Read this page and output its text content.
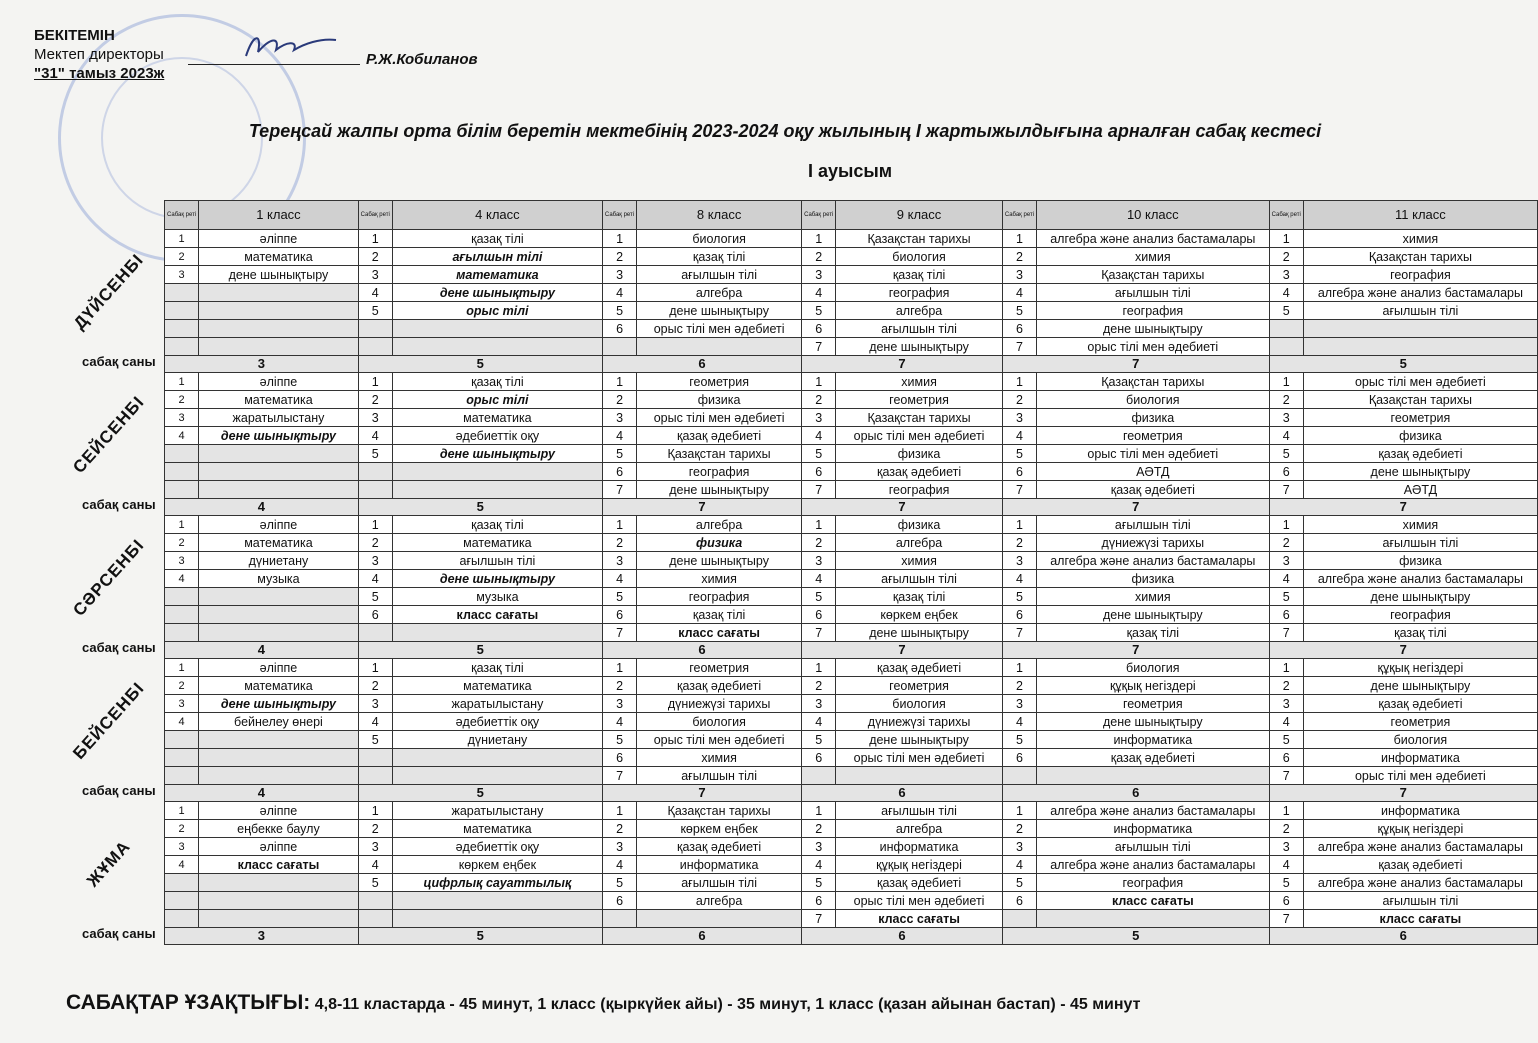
БЕКІТЕМІН
Мектеп директоры
"31" тамыз 2023ж
Р.Ж.Кобиланов
Тереңсай жалпы орта білім беретін мектебінің 2023-2024 оқу жылының І жартыжылдығына арналған сабақ кестесі
І ауысым
Сабақ реті	1 класс	Сабақ реті	4 класс	Сабақ реті	8 класс	Сабақ реті	9 класс	Сабақ реті	10 класс	Сабақ реті	11 класс
1	әліппе	1	қазақ тілі	1	биология	1	Қазақстан тарихы	1	алгебра және анализ бастамалары	1	химия
2	математика	2	ағылшын тілі	2	қазақ тілі	2	биология	2	химия	2	Қазақстан тарихы
3	дене шынықтыру	3	математика	3	ағылшын тілі	3	қазақ тілі	3	Қазақстан тарихы	3	география
		4	дене шынықтыру	4	алгебра	4	география	4	ағылшын тілі	4	алгебра және анализ бастамалары
		5	орыс тілі	5	дене шынықтыру	5	алгебра	5	география	5	ағылшын тілі
				6	орыс тілі мен әдебиеті	6	ағылшын тілі	6	дене шынықтыру		
						7	дене шынықтыру	7	орыс тілі мен әдебиеті		
3		5		6		7		7		5	
1	әліппе	1	қазақ тілі	1	геометрия	1	химия	1	Қазақстан тарихы	1	орыс тілі мен әдебиеті
2	математика	2	орыс тілі	2	физика	2	геометрия	2	биология	2	Қазақстан тарихы
3	жаратылыстану	3	математика	3	орыс тілі мен әдебиеті	3	Қазақстан тарихы	3	физика	3	геометрия
4	дене шынықтыру	4	әдебиеттік оқу	4	қазақ әдебиеті	4	орыс тілі мен әдебиеті	4	геометрия	4	физика
		5	дене шынықтыру	5	Қазақстан тарихы	5	физика	5	орыс тілі мен әдебиеті	5	қазақ әдебиеті
				6	география	6	қазақ әдебиеті	6	АӘТД	6	дене шынықтыру
				7	дене шынықтыру	7	география	7	қазақ әдебиеті	7	АӘТД
4		5		7		7		7		7	
1	әліппе	1	қазақ тілі	1	алгебра	1	физика	1	ағылшын тілі	1	химия
2	математика	2	математика	2	физика	2	алгебра	2	дүниежүзі тарихы	2	ағылшын тілі
3	дүниетану	3	ағылшын тілі	3	дене шынықтыру	3	химия	3	алгебра және анализ бастамалары	3	физика
4	музыка	4	дене шынықтыру	4	химия	4	ағылшын тілі	4	физика	4	алгебра және анализ бастамалары
		5	музыка	5	география	5	қазақ тілі	5	химия	5	дене шынықтыру
		6	класс сағаты	6	қазақ тілі	6	көркем еңбек	6	дене шынықтыру	6	география
				7	класс сағаты	7	дене шынықтыру	7	қазақ тілі	7	қазақ тілі
4		5		6		7		7		7	
1	әліппе	1	қазақ тілі	1	геометрия	1	қазақ әдебиеті	1	биология	1	құқық негіздері
2	математика	2	математика	2	қазақ әдебиеті	2	геометрия	2	құқық негіздері	2	дене шынықтыру
3	дене шынықтыру	3	жаратылыстану	3	дүниежүзі тарихы	3	биология	3	геометрия	3	қазақ әдебиеті
4	бейнелеу өнері	4	әдебиеттік оқу	4	биология	4	дүниежүзі тарихы	4	дене шынықтыру	4	геометрия
		5	дүниетану	5	орыс тілі мен әдебиеті	5	дене шынықтыру	5	информатика	5	биология
				6	химия	6	орыс тілі мен әдебиеті	6	қазақ әдебиеті	6	информатика
				7	ағылшын тілі					7	орыс тілі мен әдебиеті
4		5		7		6		6		7	
1	әліппе	1	жаратылыстану	1	Қазақстан тарихы	1	ағылшын тілі	1	алгебра және анализ бастамалары	1	информатика
2	еңбекке баулу	2	математика	2	көркем еңбек	2	алгебра	2	информатика	2	құқық негіздері
3	әліппе	3	әдебиеттік оқу	3	қазақ әдебиеті	3	информатика	3	ағылшын тілі	3	алгебра және анализ бастамалары
4	класс сағаты	4	көркем еңбек	4	информатика	4	құқық негіздері	4	алгебра және анализ бастамалары	4	қазақ әдебиеті
		5	цифрлық сауаттылық	5	ағылшын тілі	5	қазақ әдебиеті	5	география	5	алгебра және анализ бастамалары
				6	алгебра	6	орыс тілі мен әдебиеті	6	класс сағаты	6	ағылшын тілі
						7	класс сағаты			7	класс сағаты
3		5		6		6		5		6	
ДҮЙСЕНБІ
сабақ саны
СЕЙСЕНБІ
сабақ саны
СӘРСЕНБІ
сабақ саны
БЕЙСЕНБІ
сабақ саны
ЖҰМА
сабақ саны
САБАҚТАР ҰЗАҚТЫҒЫ: 4,8-11 кластарда - 45 минут, 1 класс (қыркүйек айы) - 35 минут, 1 класс (қазан айынан бастап) - 45 минут
